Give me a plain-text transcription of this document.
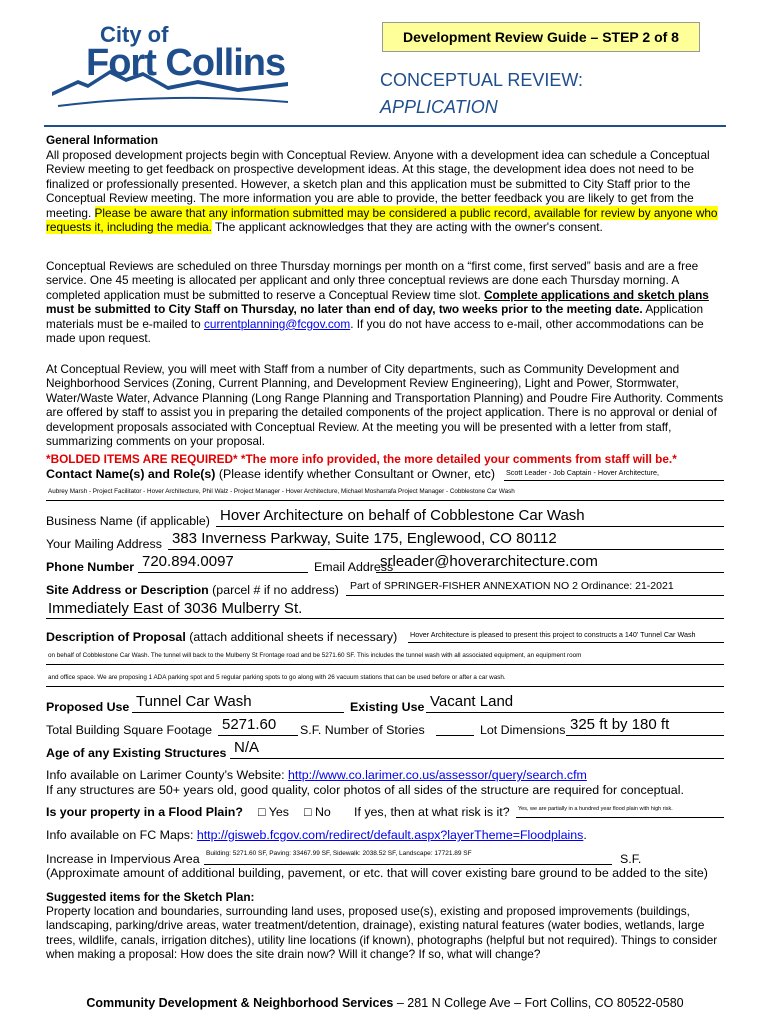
City of
Fort Collins
Development Review Guide – STEP 2 of 8
CONCEPTUAL REVIEW:
APPLICATION
General Information

All proposed development projects begin with Conceptual Review. Anyone with a development idea can schedule a Conceptual Review meeting to get feedback on prospective development ideas. At this stage, the development idea does not need to be finalized or professionally presented. However, a sketch plan and this application must be submitted to City Staff prior to the Conceptual Review meeting. The more information you are able to provide, the better feedback you are likely to get from the meeting. Please be aware that any information submitted may be considered a public record, available for review by anyone who requests it, including the media. The applicant acknowledges that they are acting with the owner's consent.

Conceptual Reviews are scheduled on three Thursday mornings per month on a “first come, first served” basis and are a free service. One 45 meeting is allocated per applicant and only three conceptual reviews are done each Thursday morning. A completed application must be submitted to reserve a Conceptual Review time slot. Complete applications and sketch plans must be submitted to City Staff on Thursday, no later than end of day, two weeks prior to the meeting date. Application materials must be e-mailed to currentplanning@fcgov.com. If you do not have access to e-mail, other accommodations can be made upon request.

At Conceptual Review, you will meet with Staff from a number of City departments, such as Community Development and Neighborhood Services (Zoning, Current Planning, and Development Review Engineering), Light and Power, Stormwater, Water/Waste Water, Advance Planning (Long Range Planning and Transportation Planning) and Poudre Fire Authority. Comments are offered by staff to assist you in preparing the detailed components of the project application. There is no approval or denial of development proposals associated with Conceptual Review. At the meeting you will be presented with a letter from staff, summarizing comments on your proposal.

*BOLDED ITEMS ARE REQUIRED* *The more info provided, the more detailed your comments from staff will be.*
Contact Name(s) and Role(s) (Please identify whether Consultant or Owner, etc) Scott Leader - Job Captain - Hover Architecture,
Aubrey Marsh - Project Facilitator - Hover Architecture, Phil Walz - Project Manager - Hover Architecture, Michael Mosharrafa Project Manager - Cobblestone Car Wash
Business Name (if applicable) Hover Architecture on behalf of Cobblestone Car Wash
Your Mailing Address 383 Inverness Parkway, Suite 175, Englewood, CO 80112
Phone Number 720.894.0097	Email Address
srleader@hoverarchitecture.com
Site Address or Description (parcel # if no address) Part of SPRINGER-FISHER ANNEXATION NO 2 Ordinance: 21-2021
Immediately East of 3036 Mulberry St.
Description of Proposal (attach additional sheets if necessary) Hover Architecture is pleased to present this project to constructs a 140' Tunnel Car Wash
on behalf of Cobblestone Car Wash. The tunnel will back to the Mulberry St Frontage road and be 5271.60 SF. This includes the tunnel wash with all associated equipment, an equipment room
and office space. We are proposing 1 ADA parking spot and 5 regular parking spots to go along with 26 vacuum stations that can be used before or after a car wash.
Proposed Use Tunnel Car Wash	Existing Use Vacant Land
Total Building Square Footage 5271.60 S.F. Number of Stories	Lot Dimensions 325 ft by 180 ft
Age of any Existing Structures N/A
Info available on Larimer County’s Website: http://www.co.larimer.co.us/assessor/query/search.cfm
If any structures are 50+ years old, good quality, color photos of all sides of the structure are required for conceptual.
Is your property in a Flood Plain? □ Yes □ No If yes, then at what risk is it? Yes, we are partially in a hundred year flood plain with high risk.
Info available on FC Maps: http://gisweb.fcgov.com/redirect/default.aspx?layerTheme=Floodplains.
Increase in Impervious Area Building: 5271.60 SF, Paving: 33467.99 SF, Sidewalk: 2038.52 SF, Landscape: 17721.89 SF	S.F.
(Approximate amount of additional building, pavement, or etc. that will cover existing bare ground to be added to the site)
Suggested items for the Sketch Plan:

Property location and boundaries, surrounding land uses, proposed use(s), existing and proposed improvements (buildings, landscaping, parking/drive areas, water treatment/detention, drainage), existing natural features (water bodies, wetlands, large trees, wildlife, canals, irrigation ditches), utility line locations (if known), photographs (helpful but not required). Things to consider when making a proposal: How does the site drain now? Will it change? If so, what will change?

Community Development & Neighborhood Services – 281 N College Ave – Fort Collins, CO 80522-0580
